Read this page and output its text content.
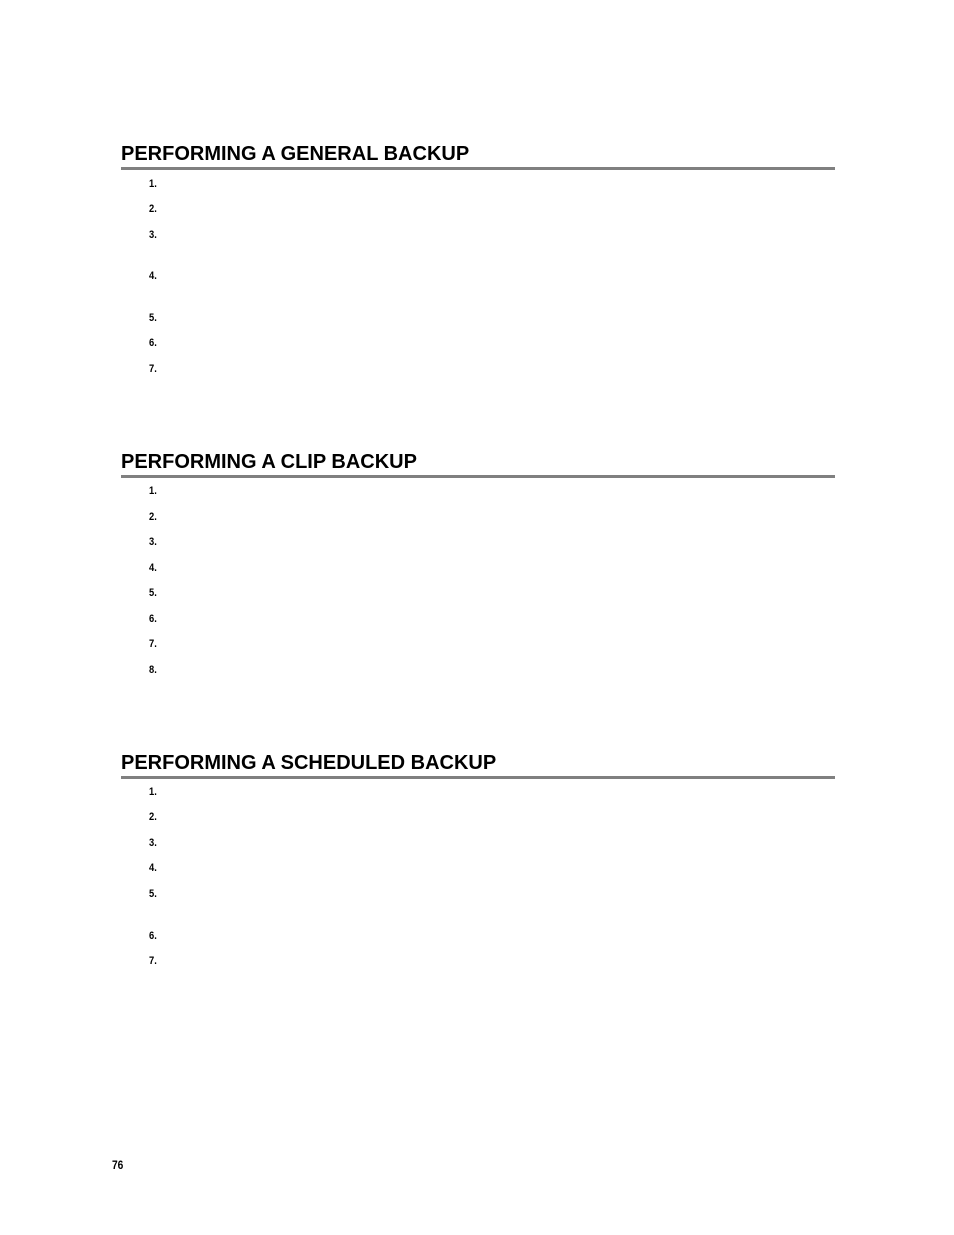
PERFORMING A GENERAL BACKUP
1.
2.
3.
4.
5.
6.
7.
PERFORMING A CLIP BACKUP
1.
2.
3.
4.
5.
6.
7.
8.
PERFORMING A SCHEDULED BACKUP
1.
2.
3.
4.
5.
6.
7.
76
